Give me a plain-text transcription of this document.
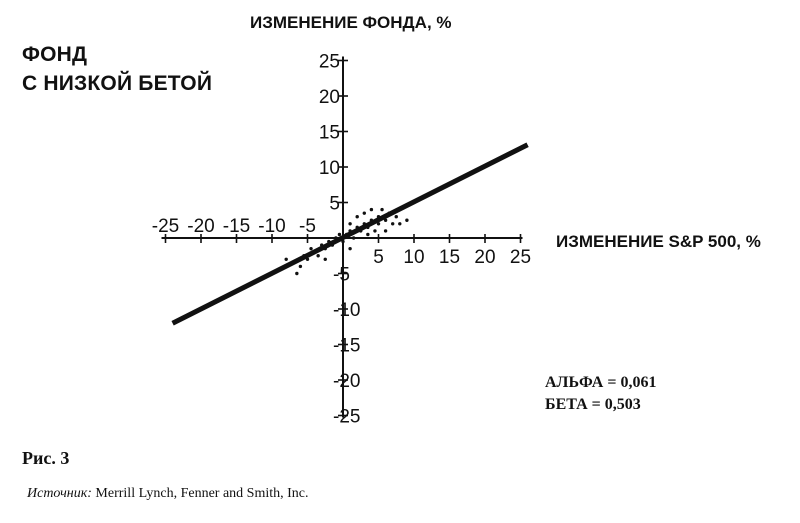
ФОНД
С НИЗКОЙ БЕТОЙ
ИЗМЕНЕНИЕ ФОНДА, %
ИЗМЕНЕНИЕ S&P 500, %
-25 -20 -15 -10 -5
5 10 15 20 25
25
20
15
10
5
-5
-10
-15
-20
-25
АЛЬФА = 0,061
БЕТА = 0,503
Рис. 3
Источник: Merrill Lynch, Fenner and Smith, Inc.
